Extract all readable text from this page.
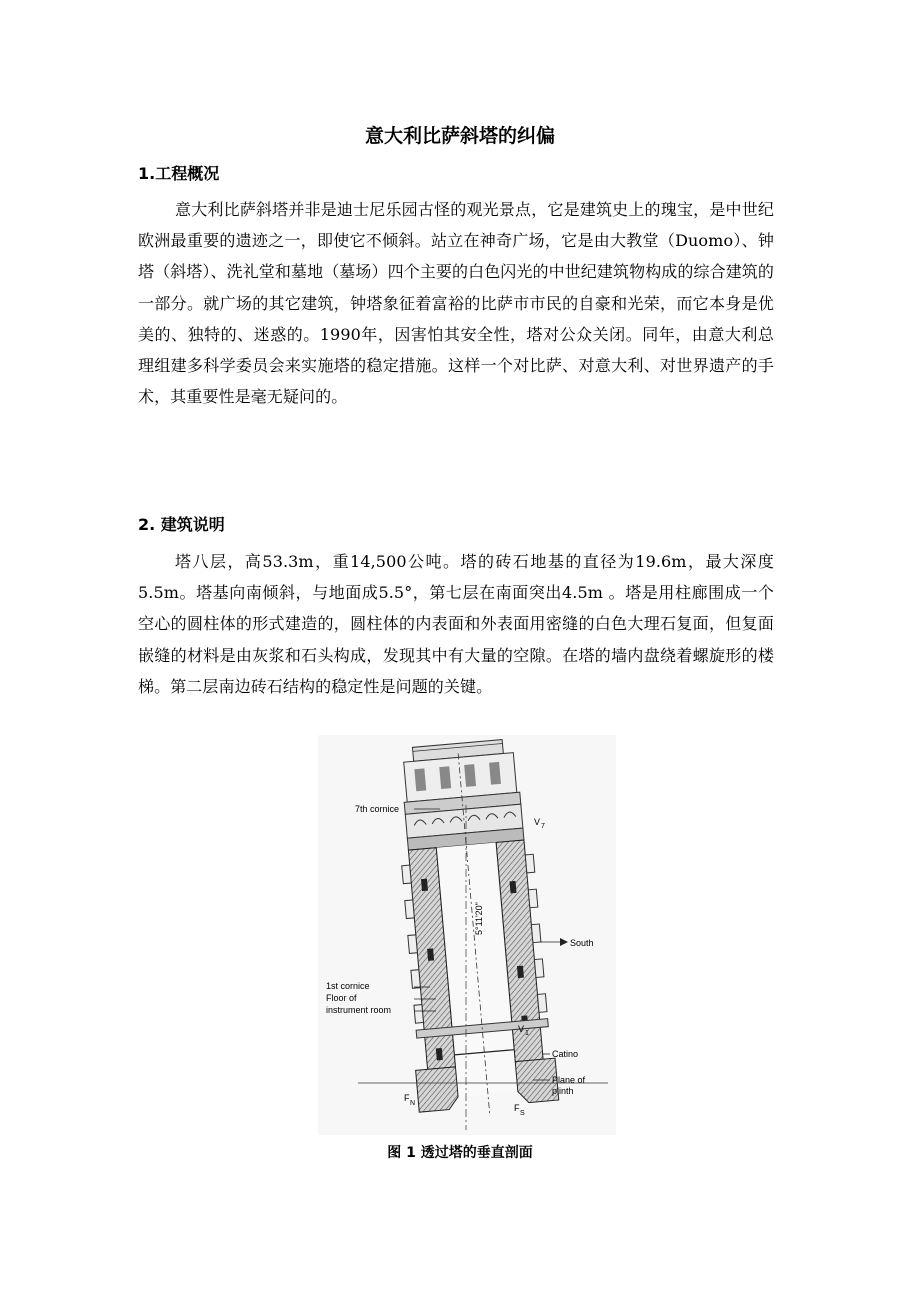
意大利比萨斜塔的纠偏
1.工程概况

意大利比萨斜塔并非是迪士尼乐园古怪的观光景点，它是建筑史上的瑰宝，是中世纪欧洲最重要的遗迹之一，即使它不倾斜。站立在神奇广场，它是由大教堂（Duomo）、钟塔（斜塔）、洗礼堂和墓地（墓场）四个主要的白色闪光的中世纪建筑物构成的综合建筑的一部分。就广场的其它建筑，钟塔象征着富裕的比萨市市民的自豪和光荣，而它本身是优美的、独特的、迷惑的。1990年，因害怕其安全性，塔对公众关闭。同年，由意大利总理组建多科学委员会来实施塔的稳定措施。这样一个对比萨、对意大利、对世界遗产的手术，其重要性是毫无疑问的。

2. 建筑说明

塔八层，高53.3m，重14,500公吨。塔的砖石地基的直径为19.6m，最大深度5.5m。塔基向南倾斜，与地面成5.5°，第七层在南面突出4.5m 。塔是用柱廊围成一个空心的圆柱体的形式建造的，圆柱体的内表面和外表面用密缝的白色大理石复面，但复面嵌缝的材料是由灰浆和石头构成，发现其中有大量的空隙。在塔的墙内盘绕着螺旋形的楼梯。第二层南边砖石结构的稳定性是问题的关键。

7th cornice
V 7
5°11'20"
South
1st cornice
Floor of
instrument room
V 1
Catino
Plane of
plinth
F
N	F
S
图 1 透过塔的垂直剖面
